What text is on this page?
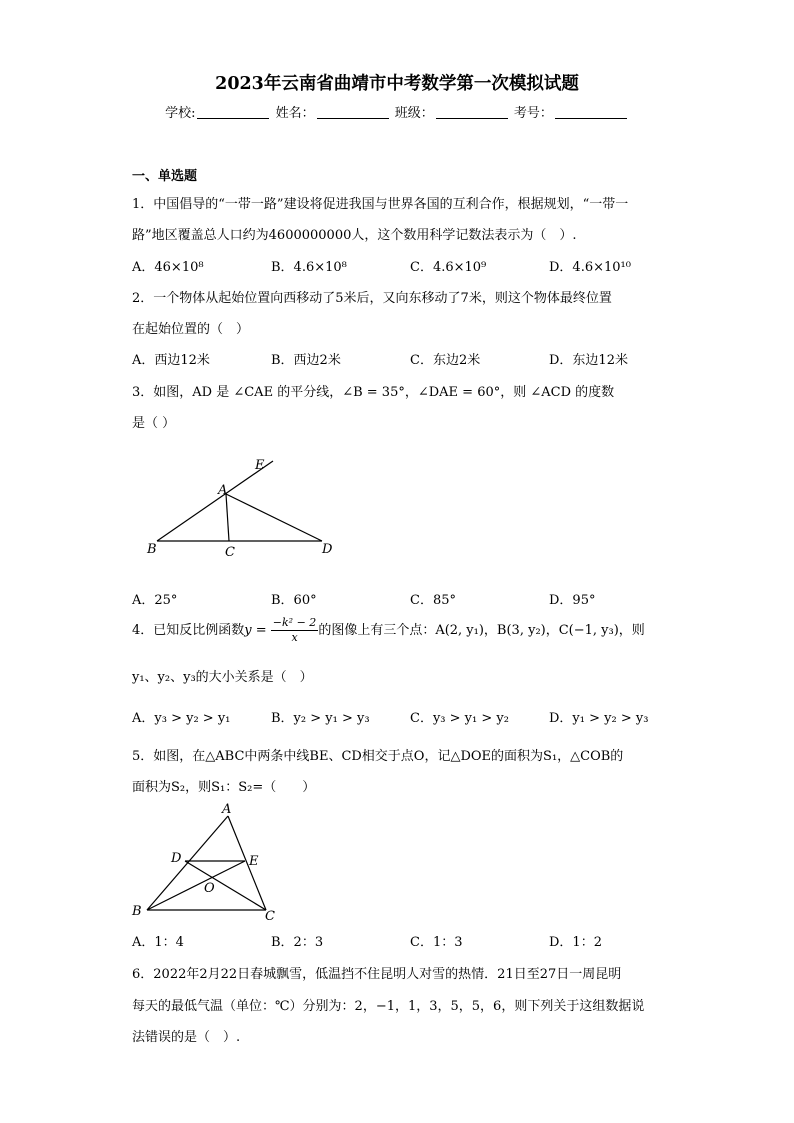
2023年云南省曲靖市中考数学第一次模拟试题
学校:	姓名：	班级：	考号：
一、单选题
1．中国倡导的“一带一路”建设将促进我国与世界各国的互利合作，根据规划，“一带一
路”地区覆盖总人口约为4600000000人，这个数用科学记数法表示为（　）.
A．46×10⁸	B．4.6×10⁸	C．4.6×10⁹	D．4.6×10¹⁰
2．一个物体从起始位置向西移动了5米后，又向东移动了7米，则这个物体最终位置
在起始位置的（　）
A．西边12米	B．西边2米	C．东边2米	D．东边12米
3．如图，AD 是 ∠CAE 的平分线，∠B = 35°，∠DAE = 60°，则 ∠ACD 的度数
是（ ）
E
A
B	C	D
A．25°	B．60°	C．85°	D．95°
4．已知反比例函数$y = \frac{\text{−k² − 2}}{x}$ 的图像上有三个点：A(2, y₁)，B(3, y₂)，C(−1, y₃)，则
y₁、y₂、y₃的大小关系是（　）
A．y₃ > y₂ > y₁	B．y₂ > y₁ > y₃	C．y₃ > y₁ > y₂	D．y₁ > y₂ > y₃
5．如图，在△ABC中两条中线BE、CD相交于点O，记△DOE的面积为S₁，△COB的
面积为S₂，则S₁：S₂=（　　）
A
D	E
O
B	C
A．1：4	B．2：3	C．1：3	D．1：2
6．2022年2月22日春城飘雪，低温挡不住昆明人对雪的热情．21日至27日一周昆明
每天的最低气温（单位：℃）分别为：2，−1，1，3，5，5，6，则下列关于这组数据说
法错误的是（　）.
